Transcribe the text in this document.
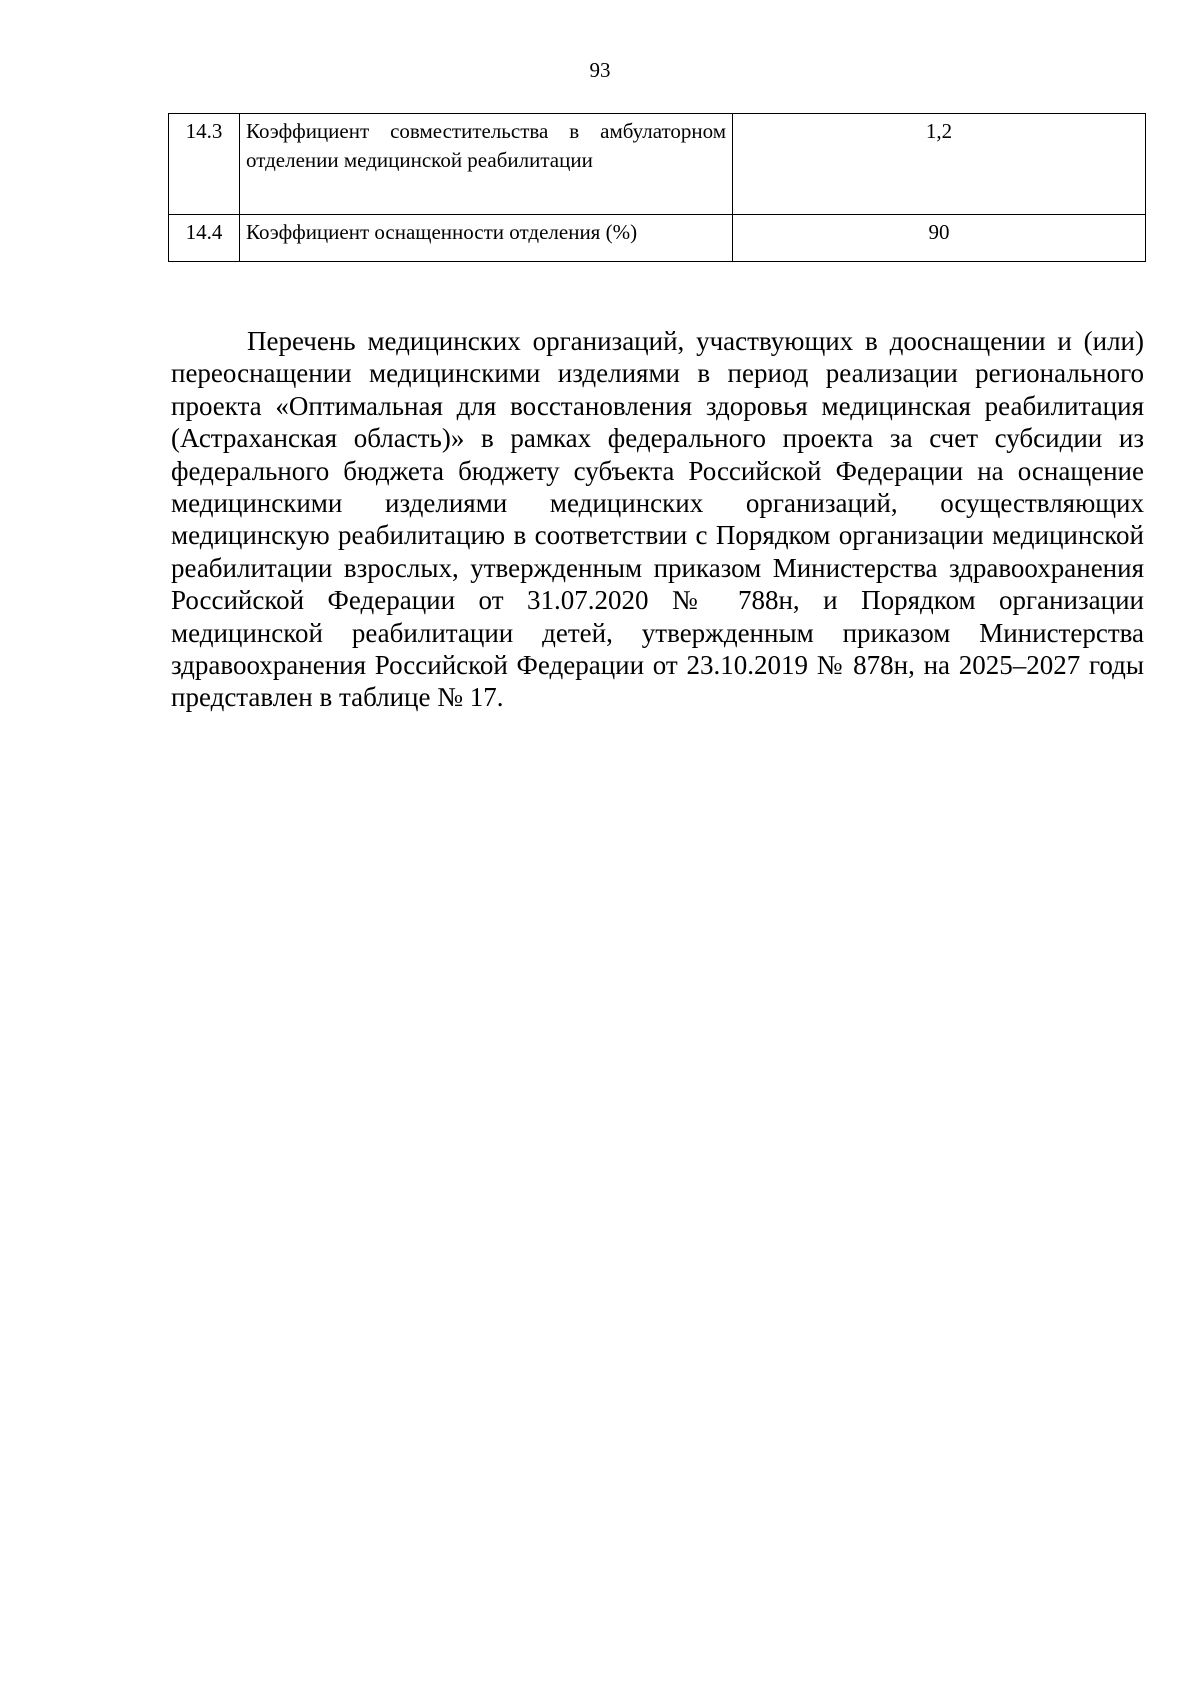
93
14.3	Коэффициент совместительства в амбулаторном отделении медицинской реабилитации	1,2
14.4	Коэффициент оснащенности отделения (%)	90

Перечень медицинских организаций, участвующих в дооснащении и (или) переоснащении медицинскими изделиями в период реализации регионального проекта «Оптимальная для восстановления здоровья медицинская реабилитация (Астраханская область)» в рамках федерального проекта за счет субсидии из федерального бюджета бюджету субъекта Российской Федерации на оснащение медицинскими изделиями медицинских организаций, осуществляющих медицинскую реабилитацию в соответствии с Порядком организации медицинской реабилитации взрослых, утвержденным приказом Министерства здравоохранения Российской Федерации от 31.07.2020 № 788н, и Порядком организации медицинской реабилитации детей, утвержденным приказом Министерства здравоохранения Российской Федерации от 23.10.2019 № 878н, на 2025–2027 годы представлен в таблице № 17.
